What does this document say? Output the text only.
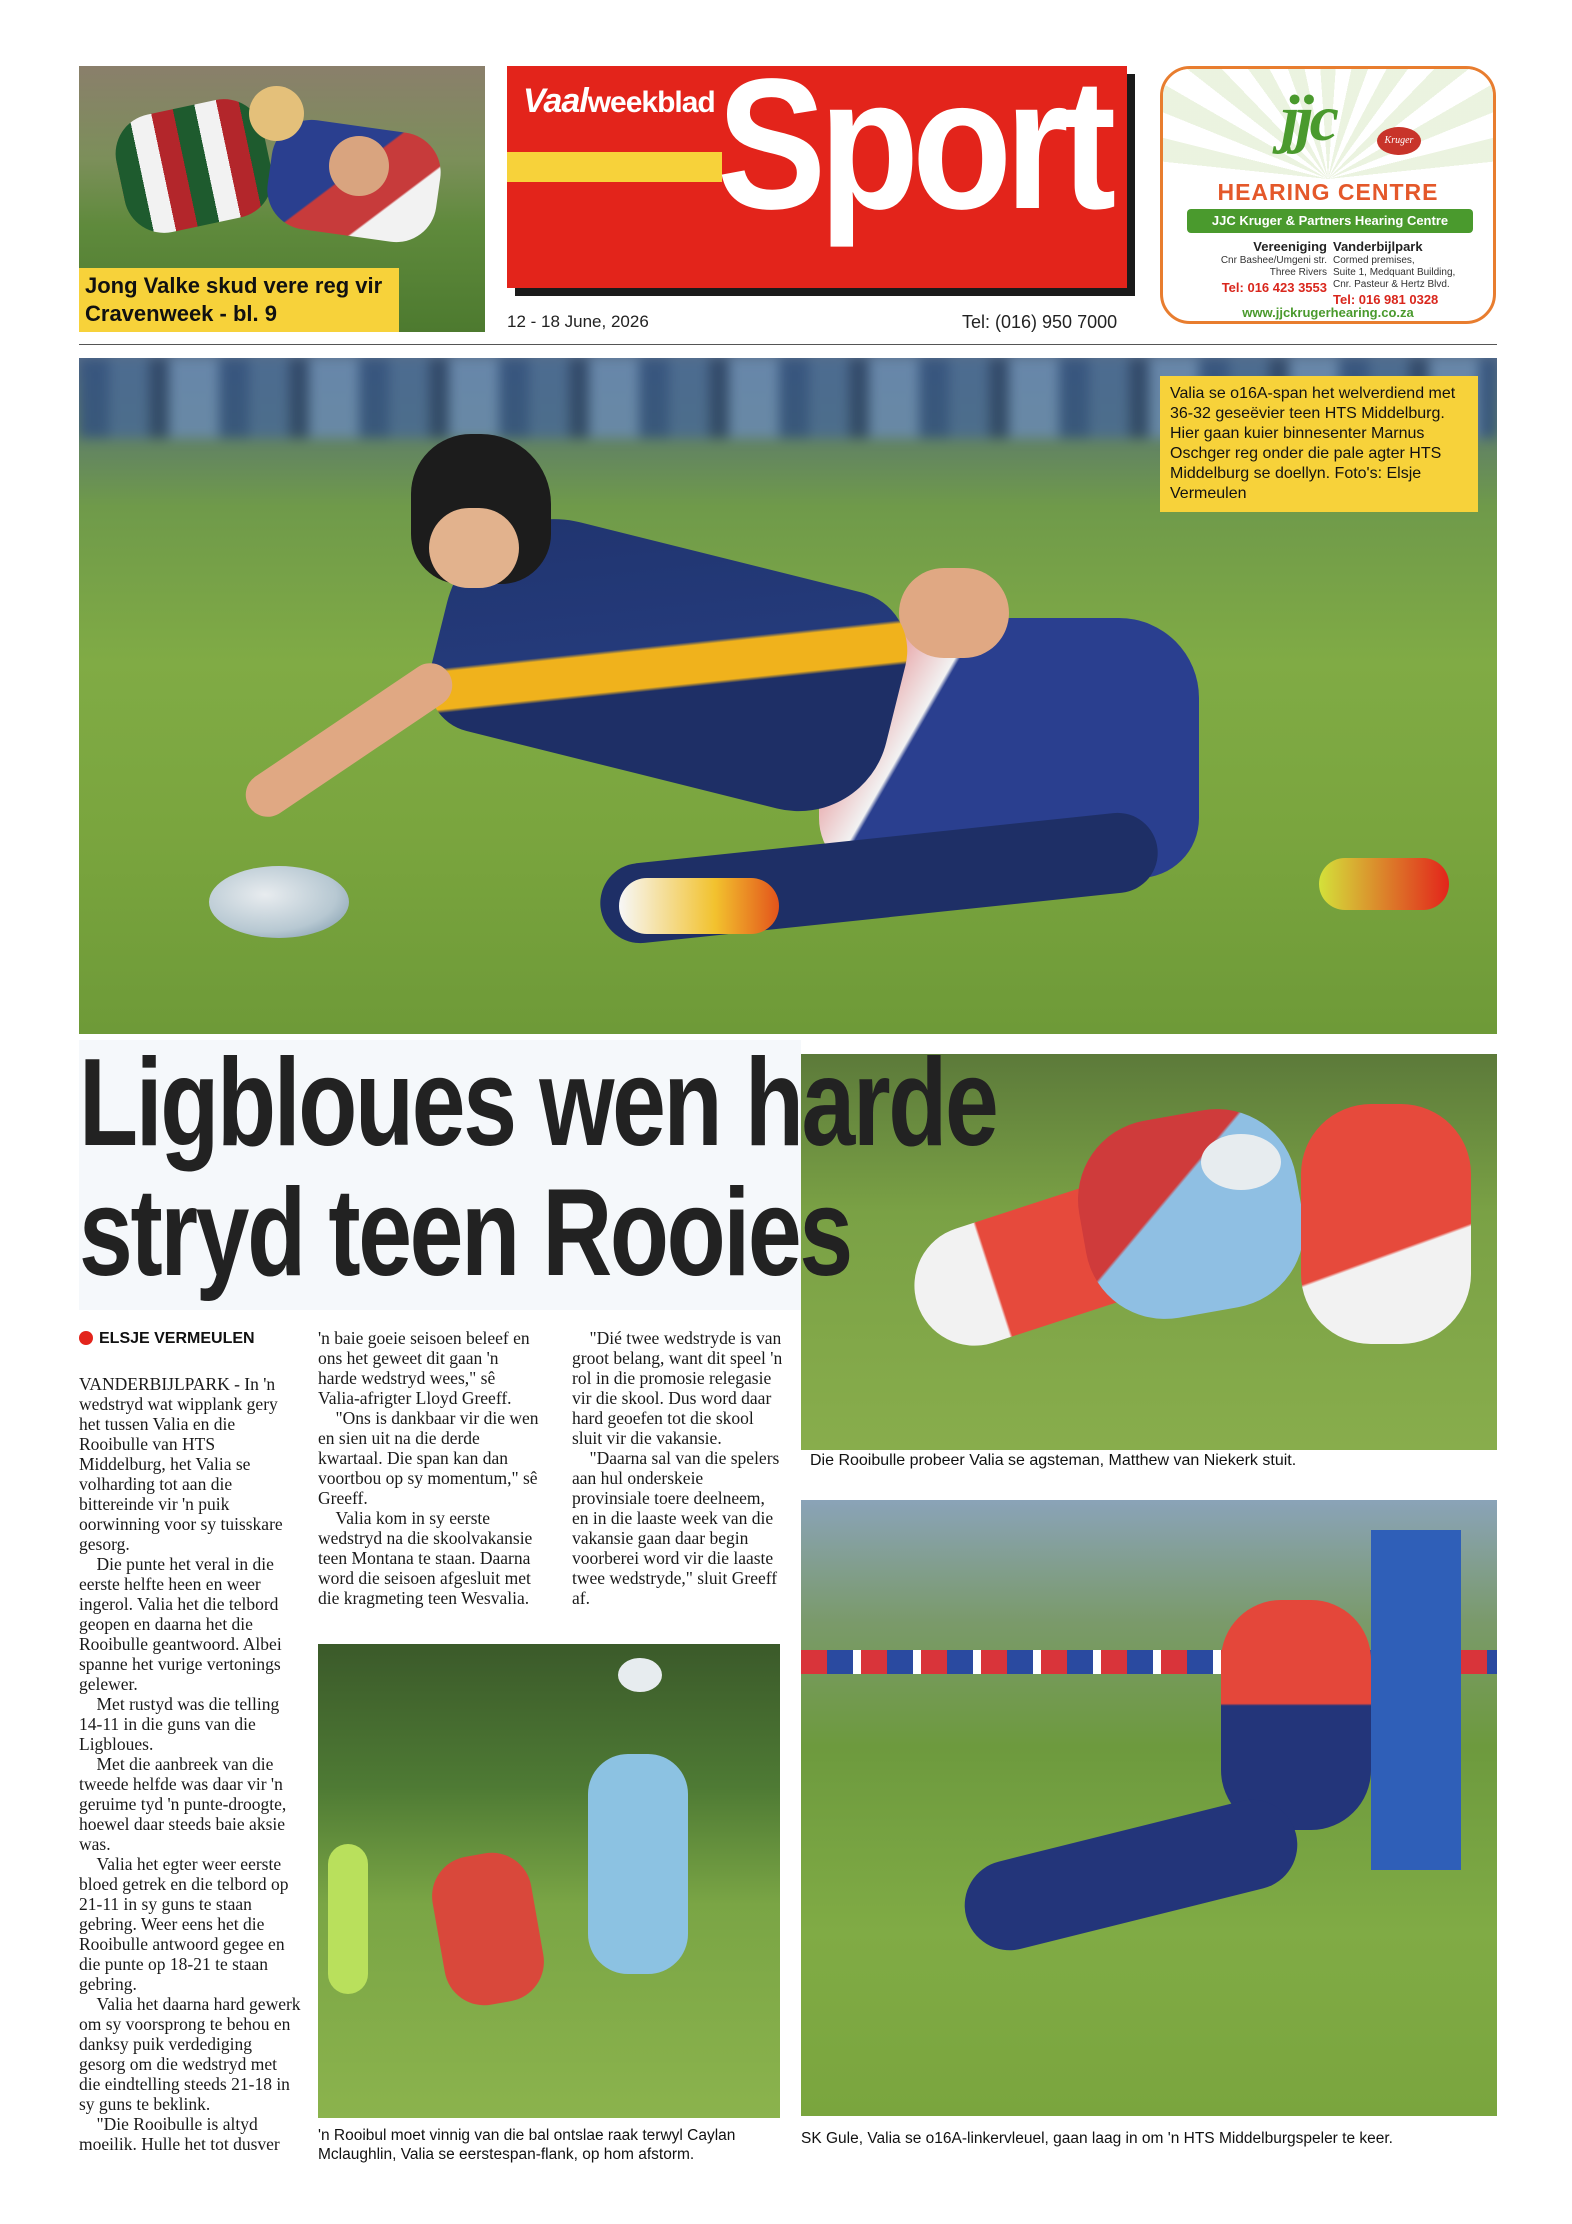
Jong Valke skud vere reg vir Cravenweek - bl. 9
Vaalweekblad Sport
12 - 18 June, 2026	Tel: (016) 950 7000
jjc	Kruger
HEARING CENTRE
JJC Kruger & Partners Hearing Centre
Vereeniging
Cnr Bashee/Umgeni str.
Three Rivers
Tel: 016 423 3553
Vanderbijlpark
Cormed premises,
Suite 1, Medquant Building,
Cnr. Pasteur & Hertz Blvd.
Tel: 016 981 0328
www.jjckrugerhearing.co.za
Valia se o16A-span het welverdiend met 36-32 geseëvier teen HTS Middelburg. Hier gaan kuier binnesenter Marnus Oschger reg onder die pale agter HTS Middelburg se doellyn. Foto's: Elsje Vermeulen
Die Rooibulle probeer Valia se agsteman, Matthew van Niekerk stuit.
Ligbloues wen harde
stryd teen Rooies
ELSJE VERMEULEN
VANDERBIJLPARK - In 'n wedstryd wat wipplank gery het tussen Valia en die Rooibulle van HTS Middelburg, het Valia se volharding tot aan die bittereinde vir 'n puik oorwinning voor sy tuisskare gesorg.
Die punte het veral in die eerste helfte heen en weer ingerol. Valia het die telbord geopen en daarna het die Rooibulle geantwoord. Albei spanne het vurige vertonings gelewer.
Met rustyd was die telling 14-11 in die guns van die Ligbloues.
Met die aanbreek van die tweede helfde was daar vir 'n geruime tyd 'n punte-droogte, hoewel daar steeds baie aksie was.
Valia het egter weer eerste bloed getrek en die telbord op 21-11 in sy guns te staan gebring. Weer eens het die Rooibulle antwoord gegee en die punte op 18-21 te staan gebring.
Valia het daarna hard gewerk om sy voorsprong te behou en danksy puik verdediging gesorg om die wedstryd met die eindtelling steeds 21-18 in sy guns te beklink.
"Die Rooibulle is altyd moeilik. Hulle het tot dusver
'n baie goeie seisoen beleef en ons het geweet dit gaan 'n harde wedstryd wees," sê Valia-afrigter Lloyd Greeff.
"Ons is dankbaar vir die wen en sien uit na die derde kwartaal. Die span kan dan voortbou op sy momentum," sê Greeff.
Valia kom in sy eerste wedstryd na die skoolvakansie teen Montana te staan. Daarna word die seisoen afgesluit met die kragmeting teen Wesvalia.
"Dié twee wedstryde is van groot belang, want dit speel 'n rol in die promosie relegasie vir die skool. Dus word daar hard geoefen tot die skool sluit vir die vakansie.
"Daarna sal van die spelers aan hul onderskeie provinsiale toere deelneem, en in die laaste week van die vakansie gaan daar begin voorberei word vir die laaste twee wedstryde," sluit Greeff af.
'n Rooibul moet vinnig van die bal ontslae raak terwyl Caylan Mclaughlin, Valia se eerstespan-flank, op hom afstorm.
SK Gule, Valia se o16A-linkervleuel, gaan laag in om 'n HTS Middelburgspeler te keer.
